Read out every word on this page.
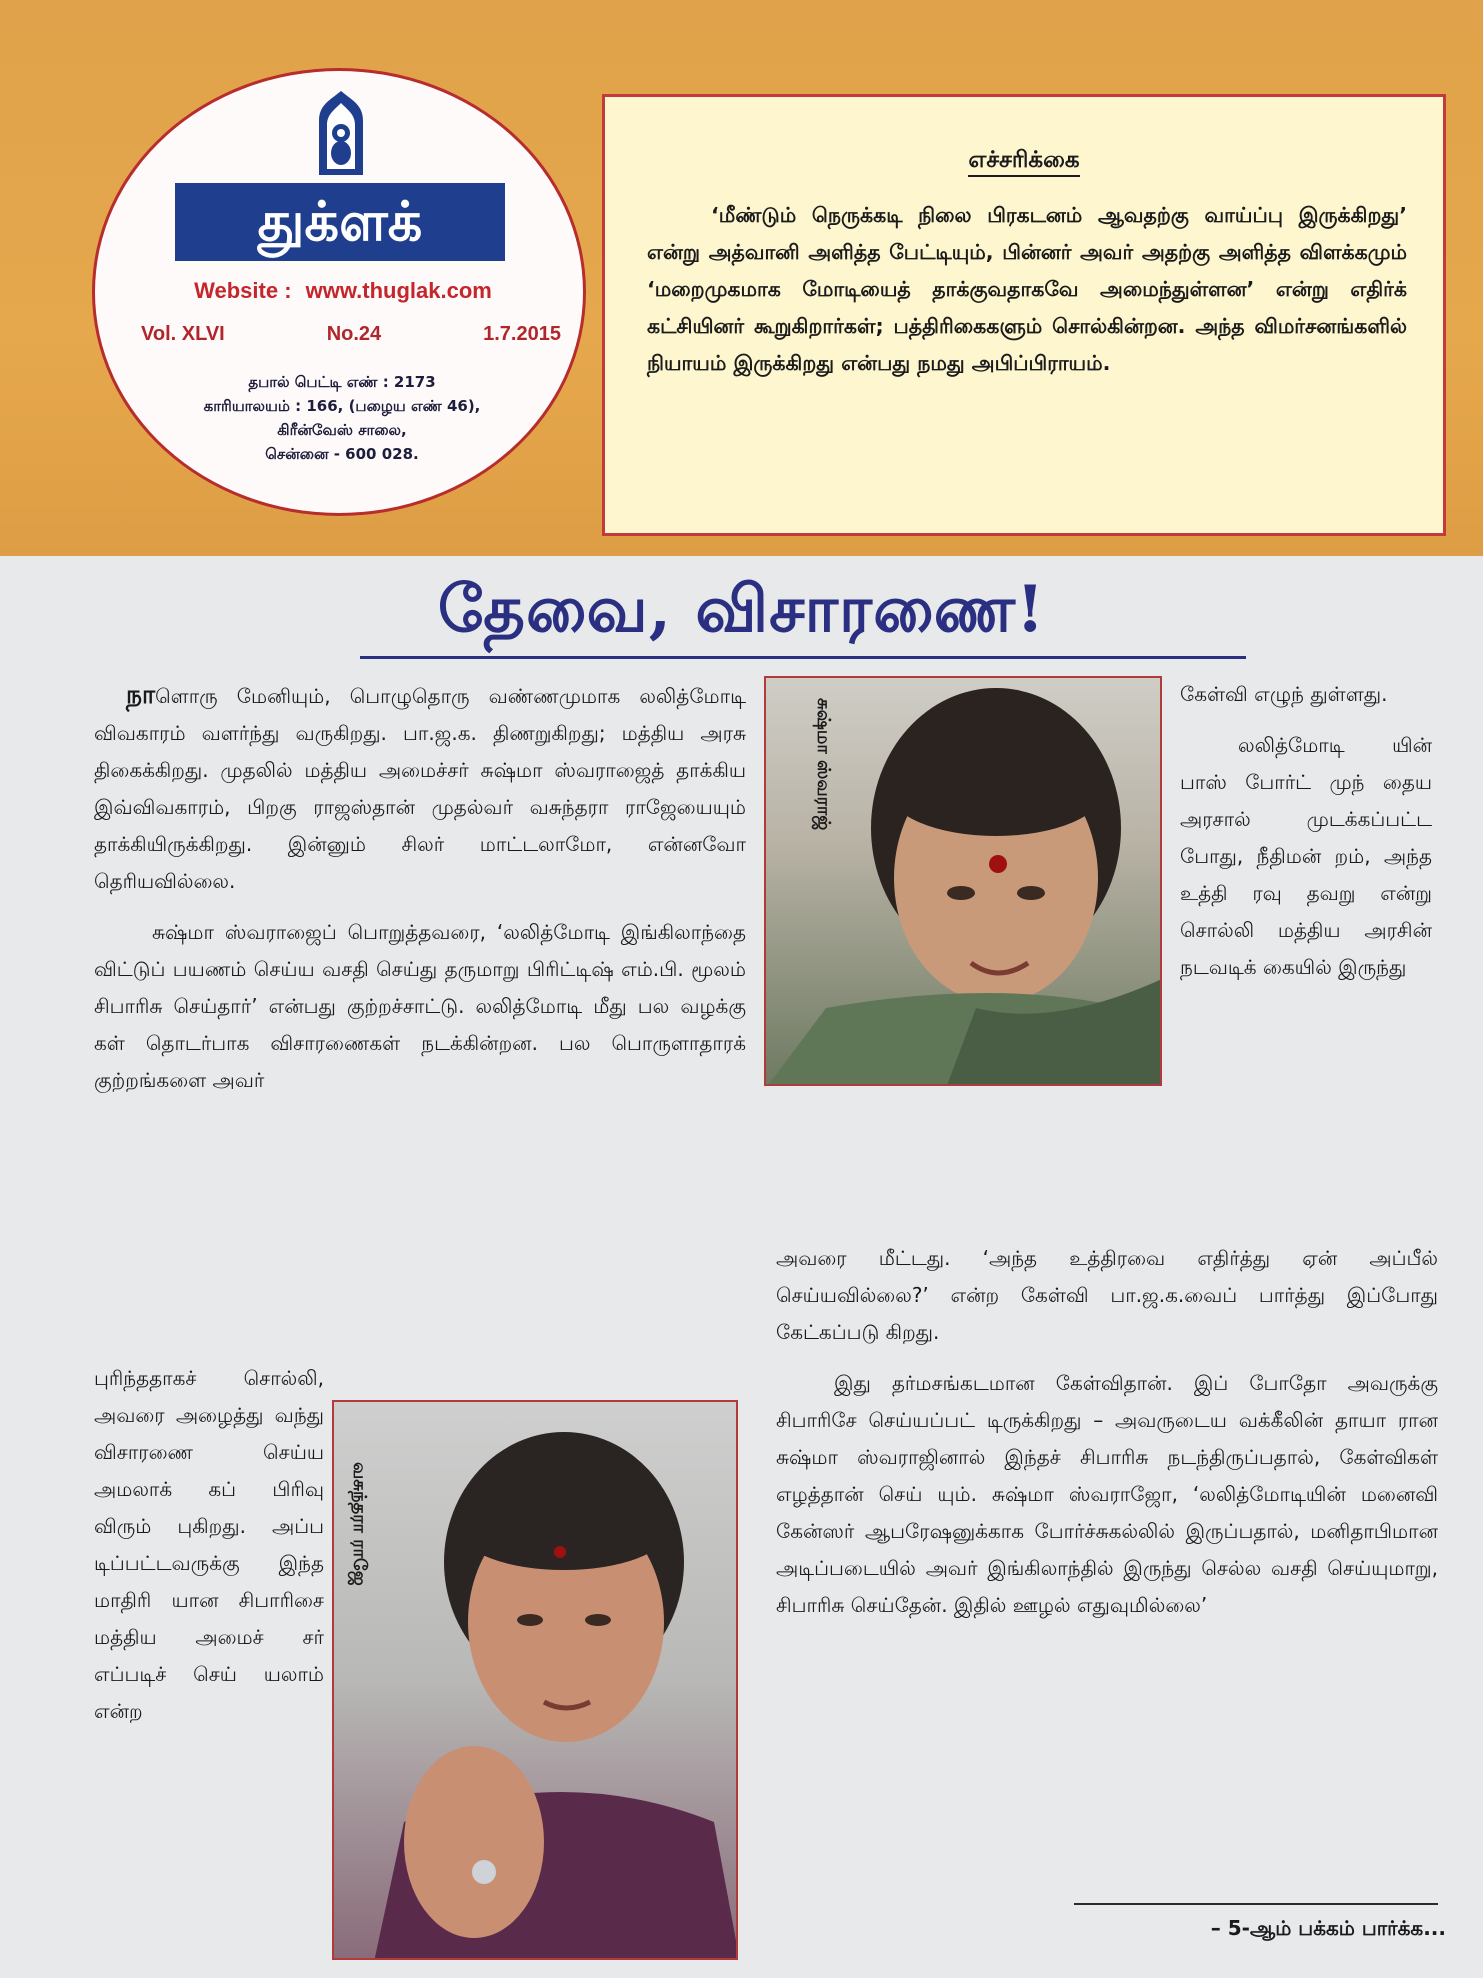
துக்ளக்
Website : www.thuglak.com
Vol. XLVI	No.24	1.7.2015
தபால் பெட்டி எண் : 2173
காரியாலயம் : 166, (பழைய எண் 46),
கிரீன்வேஸ் சாலை,
சென்னை - 600 028.
எச்சரிக்கை
‘மீண்டும் நெருக்கடி நிலை பிரகடனம் ஆவதற்கு வாய்ப்பு இருக்கிறது’ என்று அத்வானி அளித்த பேட்டியும், பின்னர் அவர் அதற்கு அளித்த விளக்கமும் ‘மறைமுகமாக மோடியைத் தாக்குவதாகவே அமைந்துள்ளன’ என்று எதிர்க் கட்சியினர் கூறுகிறார்கள்; பத்திரிகைகளும் சொல்கின்றன. அந்த விமர்சனங்களில் நியாயம் இருக்கிறது என்பது நமது அபிப்பிராயம்.
தேவை, விசாரணை!

நாளொரு மேனியும், பொழுதொரு வண்ணமுமாக லலித்மோடி விவகாரம் வளர்ந்து வருகிறது. பா.ஜ.க. திணறுகிறது; மத்திய அரசு திகைக்கிறது. முதலில் மத்திய அமைச்சர் சுஷ்மா ஸ்வராஜைத் தாக்கிய இவ்விவகாரம், பிறகு ராஜஸ்தான் முதல்வர் வசுந்தரா ராஜேயையும் தாக்கியிருக்கிறது. இன்னும் சிலர் மாட்டலாமோ, என்னவோ தெரியவில்லை.

சுஷ்மா ஸ்வராஜைப் பொறுத்தவரை, ‘லலித்மோடி இங்கிலாந்தை விட்டுப் பயணம் செய்ய வசதி செய்து தருமாறு பிரிட்டிஷ் எம்.பி. மூலம் சிபாரிசு செய்தார்’ என்பது குற்றச்சாட்டு. லலித்மோடி மீது பல வழக்கு கள் தொடர்பாக விசாரணைகள் நடக்கின்றன. பல பொருளாதாரக் குற்றங்களை அவர்

புரிந்ததாகச் சொல்லி, அவரை அழைத்து வந்து விசாரணை செய்ய அமலாக் கப் பிரிவு விரும் புகிறது. அப்ப டிப்பட்டவருக்கு இந்த மாதிரி யான சிபாரிசை மத்திய அமைச் சர் எப்படிச் செய் யலாம் என்ற

சுஷ்மா ஸ்வராஜ்

கேள்வி எழுந் துள்ளது.

லலித்மோடி யின் பாஸ் போர்ட் முந் தைய அரசால் முடக்கப்பட்ட போது, நீதிமன் றம், அந்த உத்தி ரவு தவறு என்று சொல்லி மத்திய அரசின் நடவடிக் கையில் இருந்து

அவரை மீட்டது. ‘அந்த உத்திரவை எதிர்த்து ஏன் அப்பீல் செய்யவில்லை?’ என்ற கேள்வி பா.ஜ.க.வைப் பார்த்து இப்போது கேட்கப்படு கிறது.

இது தர்மசங்கடமான கேள்விதான். இப் போதோ அவருக்கு சிபாரிசே செய்யப்பட் டிருக்கிறது – அவருடைய வக்கீலின் தாயா ரான சுஷ்மா ஸ்வராஜினால் இந்தச் சிபாரிசு நடந்திருப்பதால், கேள்விகள் எழத்தான் செய் யும். சுஷ்மா ஸ்வராஜோ, ‘லலித்மோடியின் மனைவி கேன்ஸர் ஆபரேஷனுக்காக போர்ச்சுகல்லில் இருப்பதால், மனிதாபிமான அடிப்படையில் அவர் இங்கிலாந்தில் இருந்து செல்ல வசதி செய்யுமாறு, சிபாரிசு செய்தேன். இதில் ஊழல் எதுவுமில்லை’

வசுந்தரா ராஜே
– 5-ஆம் பக்கம் பார்க்க...
